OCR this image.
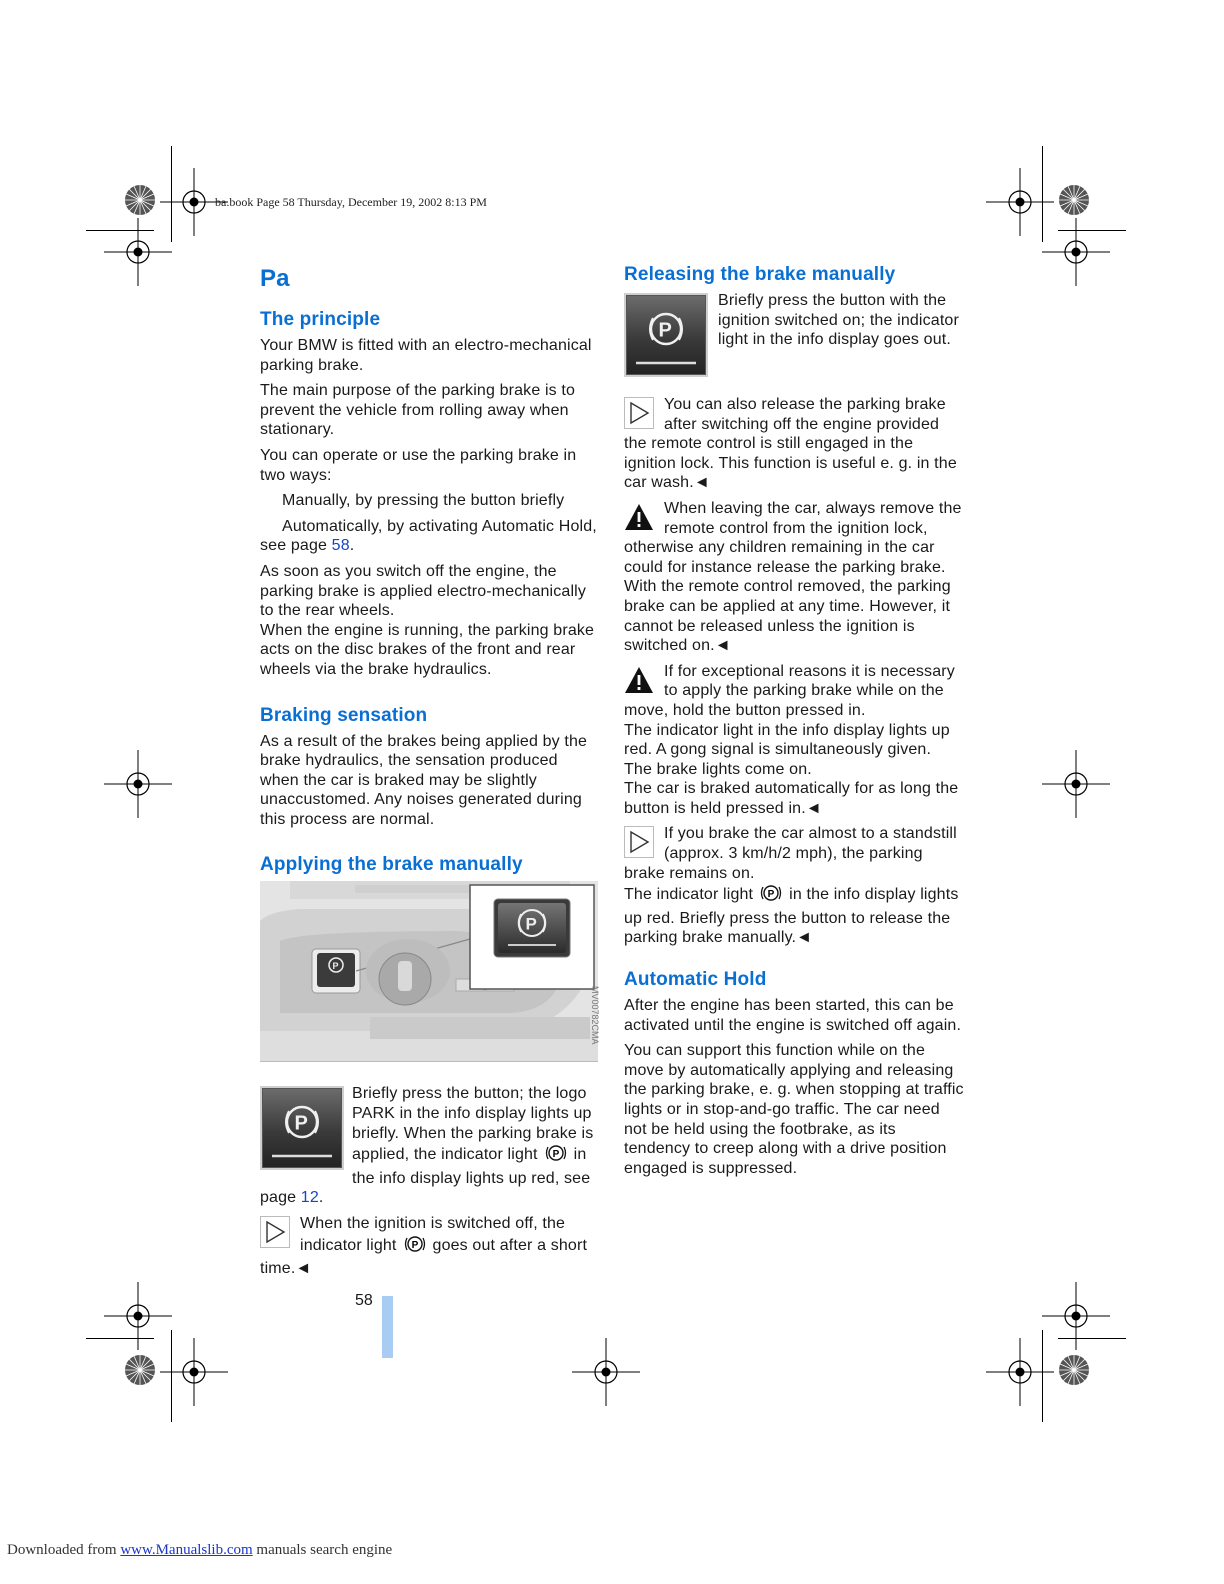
ba.book Page 58 Thursday, December 19, 2002 8:13 PM
Pa
The principle

Your BMW is fitted with an electro-mechanical parking brake.

The main purpose of the parking brake is to prevent the vehicle from rolling away when stationary.

You can operate or use the parking brake in two ways:

Manually, by pressing the button briefly

Automatically, by activating Automatic Hold, see page 58.

As soon as you switch off the engine, the parking brake is applied electro-mechanically to the rear wheels.

When the engine is running, the parking brake acts on the disc brakes of the front and rear wheels via the brake hydraulics.

Braking sensation

As a result of the brakes being applied by the brake hydraulics, the sensation produced when the car is braked may be slightly unaccustomed. Any noises generated during this process are normal.

Applying the brake manually
P
P
P

Briefly press the button; the logo PARK in the info display lights up briefly. When the parking brake is applied, the indicator light P in the info display lights up red, see page 12.

When the ignition is switched off, the indicator light P goes out after a short time.◄
MV00782CMA
Releasing the brake manually
P

Briefly press the button with the ignition switched on; the indicator light in the info display goes out.

You can also release the parking brake after switching off the engine provided the remote control is still engaged in the ignition lock. This function is useful e. g. in the car wash.◄
When leaving the car, always remove the remote control from the ignition lock, otherwise any children remaining in the car could for instance release the parking brake.
With the remote control removed, the parking brake can be applied at any time. However, it cannot be released unless the ignition is switched on.◄
If for exceptional reasons it is necessary to apply the parking brake while on the move, hold the button pressed in.
The indicator light in the info display lights up red. A gong signal is simultaneously given.
The brake lights come on.
The car is braked automatically for as long the button is held pressed in.◄
If you brake the car almost to a standstill (approx. 3 km/h/2 mph), the parking brake remains on.
The indicator light P in the info display lights up red. Briefly press the button to release the parking brake manually.◄
Automatic Hold

After the engine has been started, this can be activated until the engine is switched off again.

You can support this function while on the move by automatically applying and releasing the parking brake, e. g. when stopping at traffic lights or in stop-and-go traffic. The car need not be held using the footbrake, as its tendency to creep along with a drive position engaged is suppressed.

58
Downloaded from www.Manualslib.com manuals search engine
